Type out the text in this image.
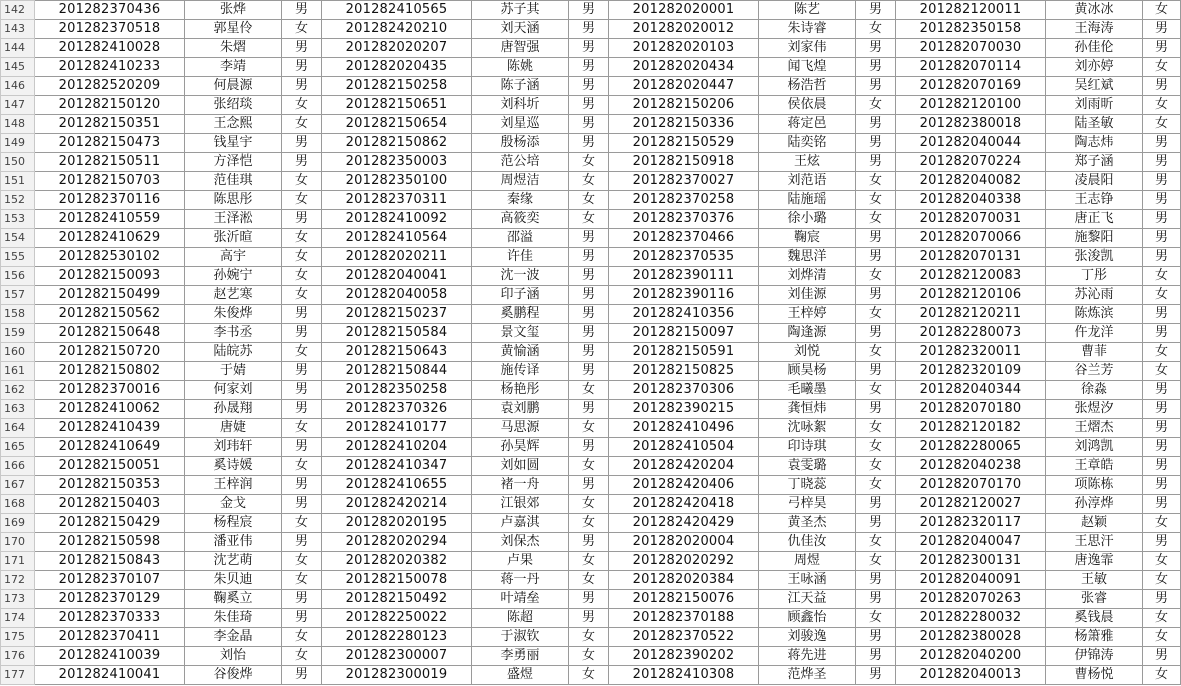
142	201282370436	张烨	男	201282410565	苏子其	男	201282020001	陈艺	男	201282120011	黄冰冰	女
143	201282370518	郭星伶	女	201282420210	刘天涵	男	201282020012	朱诗睿	女	201282350158	王海涛	男
144	201282410028	朱熠	男	201282020207	唐智强	男	201282020103	刘家伟	男	201282070030	孙佳伦	男
145	201282410233	李靖	男	201282020435	陈姚	男	201282020434	闻飞煌	男	201282070114	刘亦婷	女
146	201282520209	何晨源	男	201282150258	陈子涵	男	201282020447	杨浩哲	男	201282070169	吴红斌	男
147	201282150120	张绍琰	女	201282150651	刘科圻	男	201282150206	侯依晨	女	201282120100	刘雨昕	女
148	201282150351	王念熙	女	201282150654	刘星巡	男	201282150336	蒋定邑	男	201282380018	陆圣敏	女
149	201282150473	钱星宇	男	201282150862	殷杨添	男	201282150529	陆奕铭	男	201282040044	陶志炜	男
150	201282150511	方泽恺	男	201282350003	范公培	女	201282150918	王炫	男	201282070224	郑子涵	男
151	201282150703	范佳琪	女	201282350100	周煜洁	女	201282370027	刘范语	女	201282040082	凌晨阳	男
152	201282370116	陈思彤	女	201282370311	秦缘	女	201282370258	陆施瑶	女	201282040338	王志铮	男
153	201282410559	王泽淞	男	201282410092	高筱奕	女	201282370376	徐小璐	女	201282070031	唐正飞	男
154	201282410629	张沂暄	女	201282410564	邵溢	男	201282370466	鞠宸	男	201282070066	施黎阳	男
155	201282530102	高宇	女	201282020211	许佳	男	201282370535	魏思洋	男	201282070131	张浚凯	男
156	201282150093	孙婉宁	女	201282040041	沈一波	男	201282390111	刘烨清	女	201282120083	丁彤	女
157	201282150499	赵艺寒	女	201282040058	印子涵	男	201282390116	刘佳源	男	201282120106	苏沁雨	女
158	201282150562	朱俊烨	男	201282150237	奚鹏程	男	201282410356	王梓婷	女	201282120211	陈炼滨	男
159	201282150648	李书丞	男	201282150584	景文玺	男	201282150097	陶逢源	男	201282280073	仵龙洋	男
160	201282150720	陆皖苏	女	201282150643	黄愉涵	男	201282150591	刘悦	女	201282320011	曹菲	女
161	201282150802	于婧	男	201282150844	施传译	男	201282150825	顾昊杨	男	201282320109	谷兰芳	女
162	201282370016	何家刘	男	201282350258	杨艳彤	女	201282370306	毛曦墨	女	201282040344	徐淼	男
163	201282410062	孙晟翔	男	201282370326	袁刘鹏	男	201282390215	龚恒炜	男	201282070180	张煜汐	男
164	201282410439	唐婕	女	201282410177	马思源	女	201282410496	沈咏絮	女	201282120182	王熠杰	男
165	201282410649	刘玮轩	男	201282410204	孙昊辉	男	201282410504	印诗琪	女	201282280065	刘鸿凯	男
166	201282150051	奚诗媛	女	201282410347	刘如圆	女	201282420204	袁雯璐	女	201282040238	王章皓	男
167	201282150353	王梓润	男	201282410655	褚一舟	男	201282420406	丁晓蕊	女	201282070170	项陈栋	男
168	201282150403	金戈	男	201282420214	江银郊	女	201282420418	弓梓昊	男	201282120027	孙淳烨	男
169	201282150429	杨程宸	女	201282020195	卢嘉淇	女	201282420429	黄圣杰	男	201282320117	赵颖	女
170	201282150598	潘亚伟	男	201282020294	刘保杰	男	201282020004	仇佳汝	女	201282040047	王思汗	男
171	201282150843	沈艺萌	女	201282020382	卢果	女	201282020292	周煜	女	201282300131	唐逸霏	女
172	201282370107	朱贝迪	女	201282150078	蒋一丹	女	201282020384	王咏涵	男	201282040091	王敏	女
173	201282370129	鞠奚立	男	201282150492	叶靖垒	男	201282150076	江天益	男	201282070263	张睿	男
174	201282370333	朱佳琦	男	201282250022	陈超	男	201282370188	顾鑫怡	女	201282280032	奚钱晨	女
175	201282370411	李金晶	女	201282280123	于淑钦	女	201282370522	刘骏逸	男	201282380028	杨箫雅	女
176	201282410039	刘怡	女	201282300007	李勇丽	女	201282390202	蒋先进	男	201282040200	伊锦涛	男
177	201282410041	谷俊烨	男	201282300019	盛煜	女	201282410308	范烨圣	男	201282040013	曹杨悦	女
